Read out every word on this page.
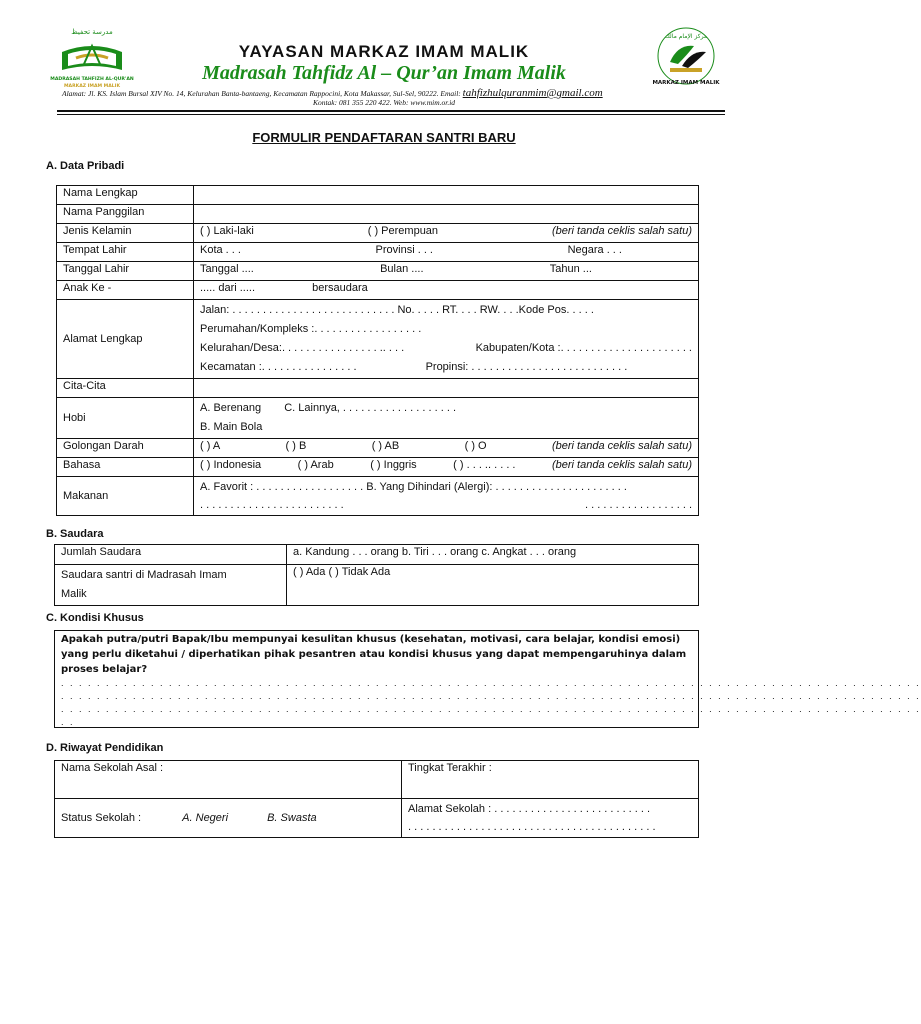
مدرسة تحفيظ
MADRASAH TAHFIZH AL-QUR'AN
MARKAZ IMAM MALIK
مركز الإمام مالك
MARKAZ IMAM MALIK
YAYASAN MARKAZ IMAM MALIK
Madrasah Tahfidz Al – Qur’an Imam Malik
Alamat: Jl. KS. Islam Bursal XIV No. 14, Kelurahan Banta-bantaeng, Kecamatan Rappocini, Kota Makassar, Sul-Sel, 90222. Email: tahfizhulquranmim@gmail.com
Kontak: 081 355 220 422. Web: www.mim.or.id
FORMULIR PENDAFTARAN SANTRI BARU
A. Data Pribadi
Nama Lengkap	
Nama Panggilan	
Jenis Kelamin	( ) Laki-laki ( ) Perempuan (beri tanda ceklis salah satu)

Tempat Lahir	Kota . . . Provinsi . . . Negara . . .

Tanggal Lahir	Tanggal .... Bulan .... Tahun ...

Anak Ke -	..... dari ..... bersaudara
Alamat Lengkap	Jalan: . . . . . . . . . . . . . . . . . . . . . . . . . . . No. . . . . RT. . . . RW. . . .Kode Pos. . . . .
Perumahan/Kompleks :. . . . . . . . . . . . . . . . . .
Kelurahan/Desa:. . . . . . . . . . . . . . . . .. . . . Kabupaten/Kota :. . . . . . . . . . . . . . . . . . . . . .
Kecamatan :. . . . . . . . . . . . . . . . Propinsi: . . . . . . . . . . . . . . . . . . . . . . . . . .

Cita-Cita	
Hobi	A. Berenang C. Lainnya, . . . . . . . . . . . . . . . . . . .
B. Main Bola

Golongan Darah	( ) A ( ) B ( ) AB ( ) O (beri tanda ceklis salah satu)

Bahasa	( ) Indonesia ( ) Arab ( ) Inggris ( ) . . . .. . . . . (beri tanda ceklis salah satu)

Makanan	A. Favorit : . . . . . . . . . . . . . . . . . . B. Yang Dihindari (Alergi): . . . . . . . . . . . . . . . . . . . . . .
. . . . . . . . . . . . . . . . . . . . . . . . . . . . . . . . . . . . . . . . . .
B. Saudara
Jumlah Saudara	a. Kandung . . . orang b. Tiri . . . orang c. Angkat . . . orang

Saudara santri di Madrasah Imam
Malik	( ) Ada ( ) Tidak Ada
C. Kondisi Khusus
Apakah putra/putri Bapak/Ibu mempunyai kesulitan khusus (kesehatan, motivasi, cara belajar, kondisi emosi) yang perlu diketahui / diperhatikan pihak pesantren atau kondisi khusus yang dapat mempengaruhinya dalam proses belajar?
. . . . . . . . . . . . . . . . . . . . . . . . . . . . . . . . . . . . . . . . . . . . . . . . . . . . . . . . . . . . . . . . . . . . . . . . . . . . . . . . . . . . . . . . . . . . . . . .
. . . . . . . . . . . . . . . . . . . . . . . . . . . . . . . . . . . . . . . . . . . . . . . . . . . . . . . . . . . . . . . . . . . . . . . . . . . . . . . . . . . . . . . . . . . . . . . .
. . . . . . . . . . . . . . . . . . . . . . . . . . . . . . . . . . . . . . . . . . . . . . . . . . . . . . . . . . . . . . . . . . . . . . . . . . . . . . . . . . . . . . . . . . . . . . . .
. .
D. Riwayat Pendidikan
Nama Sekolah Asal :	Tingkat Terakhir :
Status Sekolah : A. Negeri B. Swasta	Alamat Sekolah : . . . . . . . . . . . . . . . . . . . . . . . . . .
. . . . . . . . . . . . . . . . . . . . . . . . . . . . . . . . . . . . . . . . .
